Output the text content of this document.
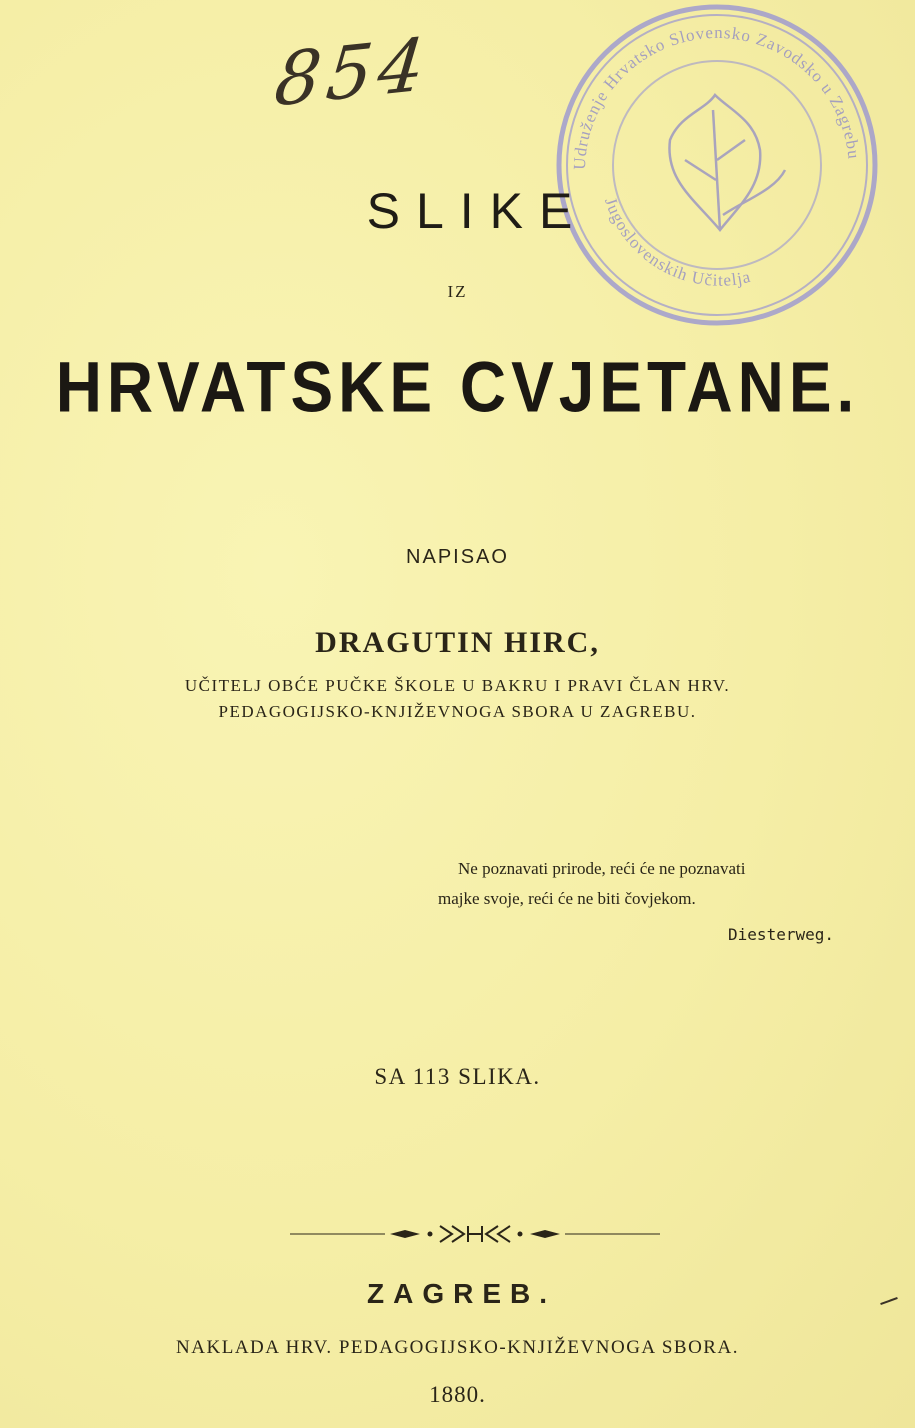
854
Udruženje Hrvatsko Slovensko Zavodsko u Zagrebu
Jugoslovenskih Učitelja
SLIKE
IZ
HRVATSKE CVJETANE.
NAPISAO
DRAGUTIN HIRC,
UČITELJ OBĆE PUČKE ŠKOLE U BAKRU I PRAVI ČLAN HRV.
PEDAGOGIJSKO-KNJIŽEVNOGA SBORA U ZAGREBU.
Ne poznavati prirode, reći će ne poznavati
majke svoje, reći će ne biti čovjekom.
Diesterweg.
SA 113 SLIKA.
ZAGREB.
NAKLADA HRV. PEDAGOGIJSKO-KNJIŽEVNOGA SBORA.
1880.
